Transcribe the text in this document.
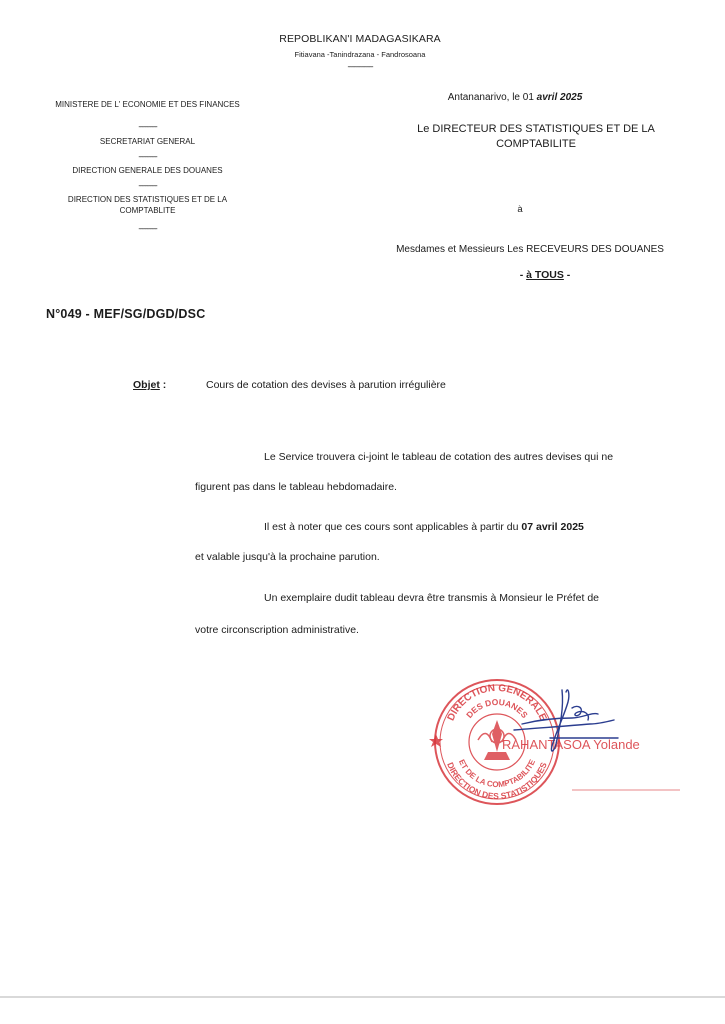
REPOBLIKAN'I MADAGASIKARA
Fitiavana -Tanindrazana - Fandrosoana
---------------
MINISTERE DE L' ECONOMIE ET DES FINANCES
-----------
SECRETARIAT GENERAL
-----------
DIRECTION GENERALE DES DOUANES
-----------
DIRECTION DES STATISTIQUES ET DE LA
COMPTABLITE
-----------
Antananarivo, le 01 avril 2025
Le DIRECTEUR DES STATISTIQUES ET DE LA
COMPTABILITE
à
Mesdames et Messieurs Les RECEVEURS DES DOUANES
- à TOUS -
N°049 - MEF/SG/DGD/DSC
Objet :	Cours de cotation des devises à parution irrégulière
Le Service trouvera ci-joint le tableau de cotation des autres devises qui ne
figurent pas dans le tableau hebdomadaire.
Il est à noter que ces cours sont applicables à partir du 07 avril 2025
et valable jusqu'à la prochaine parution.
Un exemplaire dudit tableau devra être transmis à Monsieur le Préfet de
votre circonscription administrative.
DIRECTION GENERALE
DES DOUANES
DIRECTION DES STATISTIQUES
ET DE LA COMPTABILITE
RAHANTASOA Yolande
